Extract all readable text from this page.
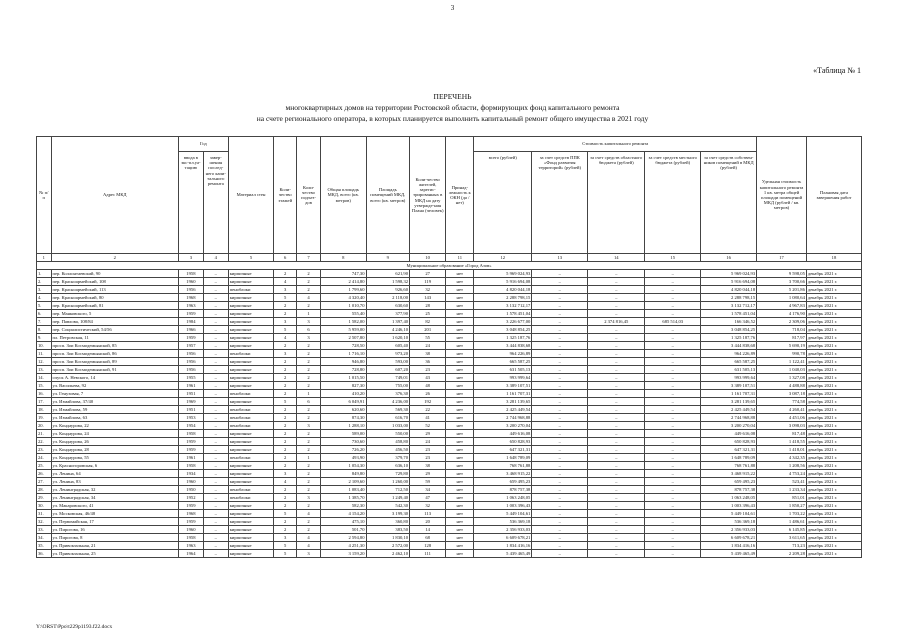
3
«Таблица № 1
ПЕРЕЧЕНЬ
многоквартирных домов на территории Ростовской области, формирующих фонд капитального ремонта
на счете регионального оператора, в которых планируется выполнить капитальный ремонт общего имущества в 2021 году
№ п/п	Адрес МКД	Год		Материал стен	Коли-чество этажей	Коли-чество подъез-дов	Общая площадь МКД, всего (кв. метров)	Площадь помещений МКД, всего (кв. метров)	Коли-чество жителей, зарегис-трированных в МКД на дату утвержде-ния Плана (человек)	Принад-лежность к ОКН (да / нет)	Стоимость капитального ремонта					Удельная стоимость капитального ремонта 1 кв. метра общей площади помещений МКД (рублей / кв. метров)	Плановая дата завершения работ
		ввода в экс-пл.уа-тацию	завер-шения послед-него капи-тального ремонта								всего (рублей)	за счет средств ППК «Фонд развития территорий» (рублей)	за счет средств областного бюджета (рублей)	за счет средств местного бюджета (рублей)	за счет средств собствен-ников помещений в МКД (рублей)		
1	2	3	4	5	6	7	8	9	10	11	12	13	14	15	16	17	18
Муниципальное образование «Город Азов»																	
1.	пер. Коллонтаевский, 90	1958	–	кирпичные	2	2	747,30	621,90	27	нет	5 969 024,93	–	–	–	5 969 024,93	9 598,05	декабрь 2021 г.
2.	пер. Красноармейский, 108	1960	–	кирпичные	4	2	2 414,80	1 598,32	119	нет	5 916 694,08	–	–	–	5 916 694,08	3 700,66	декабрь 2021 г.
3.	пер. Красноармейский, 113	1956	–	пеноблоки	3	2	1 799,60	926,60	32	нет	4 820 044,18	–	–	–	4 820 044,18	5 201,86	декабрь 2021 г.
4.	пер. Красноармейский, 80	1968	–	кирпичные	5	4	4 320,40	2 118,00	143	нет	2 288 798,15	–	–	–	2 288 798,15	1 080,64	декабрь 2021 г.
5.	пер. Красноармейский, 81	1963	–	кирпичные	2	2	1 010,70	630,60	28	нет	3 132 712,17	–	–	–	3 132 712,17	4 967,83	декабрь 2021 г.
6.	пер. Маяковского, 5	1959	–	кирпичные	2	1	555,40	377,90	25	нет	1 578 451,04	–	–	–	1 578 451,04	4 176,90	декабрь 2021 г.
7.	пер. Павлова, 108/84	1984	–	кирпичные	3	3	1 582,00	1 397,40	82	нет	3 226 677,00	–	2 374 816,45	685 514,03	166 346,52	2 309,06	декабрь 2021 г.
8.	пер. Социалистический, 54/56	1966	–	кирпичные	5	6	5 959,00	4 246,10	201	нет	3 048 854,25	–	–	–	3 048 854,25	718,04	декабрь 2021 г.
9.	пл. Петровская, 11	1959	–	кирпичные	4	3	2 507,80	1 620,10	55	нет	1 325 187,76	–	–	–	1 325 187,76	817,97	декабрь 2021 г.
10.	просп. Зои Космодемьянской, 85	1957	–	кирпичные	2	2	728,50	605,40	24	нет	3 444 838,68	–	–	–	3 444 838,68	5 690,19	декабрь 2021 г.
11.	просп. Зои Космодемьянской, 86	1956	–	пеноблоки	3	2	1 716,10	973,20	38	нет	964 226,89	–	–	–	964 226,89	990,78	декабрь 2021 г.
12.	просп. Зои Космодемьянской, 89	1956	–	кирпичные	2	2	946,80	593,00	36	нет	665 587,25	–	–	–	665 587,25	1 122,41	декабрь 2021 г.
13.	просп. Зои Космодемьянской, 91	1956	–	кирпичные	2	2	728,80	607,20	23	нет	631 505,13	–	–	–	631 505,13	1 040,03	декабрь 2021 г.
14.	спуск А. Невского, 14	1955	–	кирпичные	2	2	1 015,50	749,01	43	нет	993 999,64	–	–	–	993 999,64	1 327,08	декабрь 2021 г.
15.	ул. Васильева, 92	1961	–	кирпичные	2	2	827,30	755,00	48	нет	3 389 107,51	–	–	–	3 389 107,51	4 488,88	декабрь 2021 г.
16.	ул. Генузовая, 7	1951	–	пеноблоки	2	1	410,20	376,30	26	нет	1 161 707,31	–	–	–	1 161 707,31	3 087,18	декабрь 2021 г.
17.	ул. Измайлова, 37/40	1969	–	кирпичные	5	6	6 049,91	4 236,00	192	нет	3 281 139,65	–	–	–	3 281 139,65	774,58	декабрь 2021 г.
18.	ул. Измайлова, 59	1951	–	пеноблоки	2	2	620,60	569,30	22	нет	2 425 449,54	–	–	–	2 425 449,54	4 260,41	декабрь 2021 г.
19.	ул. Измайлова, 63	1953	–	пеноблоки	2	2	874,30	616,70	41	нет	2 744 968,88	–	–	–	2 744 968,88	4 451,06	декабрь 2021 г.
20.	ул. Кондаурова, 22	1954	–	пеноблоки	2	3	1 288,10	1 033,00	52	нет	3 200 270,04	–	–	–	3 200 270,04	3 098,03	декабрь 2021 г.
21.	ул. Кондаурова, 24	1958	–	кирпичные	2	2	589,00	550,00	29	нет	449 616,08	–	–	–	449 616,08	817,48	декабрь 2021 г.
22.	ул. Кондаурова, 26	1959	–	кирпичные	2	2	730,60	458,80	24	нет	650 828,93	–	–	–	650 828,93	1 418,55	декабрь 2021 г.
23.	ул. Кондаурова, 28	1959	–	кирпичные	2	2	726,20	456,50	23	нет	647 321,31	–	–	–	647 321,31	1 418,01	декабрь 2021 г.
24.	ул. Кондаурова, 55	1961	–	пеноблоки	2	1	493,90	379,70	23	нет	1 648 789,09	–	–	–	1 648 789,09	4 342,35	декабрь 2021 г.
25.	ул. Красногоровская, 6	1958	–	кирпичные	2	2	1 054,30	636,10	38	нет	768 761,88	–	–	–	768 761,88	1 208,56	декабрь 2021 г.
26.	ул. Ленина, 64	1934	–	кирпичные	3	2	849,80	729,80	29	нет	3 468 915,22	–	–	–	3 468 915,22	4 753,24	декабрь 2021 г.
27.	ул. Ленина, 83	1960	–	кирпичные	4	2	2 109,60	1 260,00	59	нет	659 495,23	–	–	–	659 495,23	523,41	декабрь 2021 г.
28.	ул. Ленинградская, 32	1950	–	пеноблоки	2	2	1 083,40	712,50	34	нет	878 757,38	–	–	–	878 757,38	1 233,34	декабрь 2021 г.
29.	ул. Ленинградская, 34	1952	–	пеноблоки	2	3	1 385,70	1 249,40	47	нет	1 063 248,05	–	–	–	1 063 248,05	851,01	декабрь 2021 г.
30.	ул. Макаровского, 41	1959	–	кирпичные	2	2	582,30	542,30	32	нет	1 003 396,43	–	–	–	1 003 396,43	1 850,27	декабрь 2021 г.
31.	ул. Московская, 46/48	1968	–	кирпичные	5	4	4 154,20	3 199,30	113	нет	5 449 104,61	–	–	–	5 449 104,61	1 703,22	декабрь 2021 г.
32.	ул. Первомайская, 17	1959	–	кирпичные	2	2	475,10	360,80	20	нет	536 369,18	–	–	–	536 369,18	1 486,61	декабрь 2021 г.
33.	ул. Пирогова, 16	1960	–	кирпичные	2	2	501,70	383,50	14	нет	2 356 933,03	–	–	–	2 356 933,03	6 145,85	декабрь 2021 г.
34.	ул. Пирогова, 8	1958	–	кирпичные	3	4	2 594,80	1 830,10	68	нет	6 609 678,21	–	–	–	6 609 678,21	3 611,65	декабрь 2021 г.
35.	ул. Привокзальная, 21	1963	–	кирпичные	5	4	4 251,30	2 572,00	128	нет	1 834 416,16	–	–	–	1 834 416,16	713,23	декабрь 2021 г.
36.	ул. Привокзальная, 25	1964	–	кирпичные	5	3	3 159,20	2 462,10	111	нет	5 439 465,49	–	–	–	5 439 465,49	2 209,28	декабрь 2021 г.
Y:\ORST\Ppo\t229p1193.f22.docx
